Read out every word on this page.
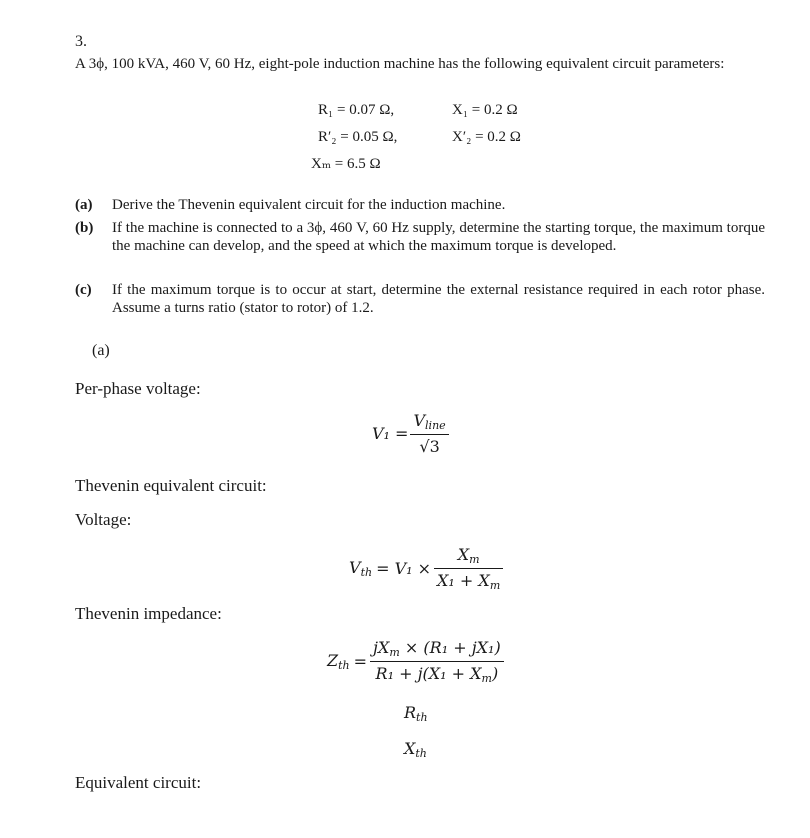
3.
A 3ϕ, 100 kVA, 460 V, 60 Hz, eight-pole induction machine has the following equivalent circuit parameters:
R₁ = 0.07 Ω,	X₁ = 0.2 Ω
R′₂ = 0.05 Ω,	X′₂ = 0.2 Ω
Xₘ = 6.5 Ω
(a) Derive the Thevenin equivalent circuit for the induction machine.
(b) If the machine is connected to a 3ϕ, 460 V, 60 Hz supply, determine the starting torque, the maximum torque the machine can develop, and the speed at which the maximum torque is developed.
(c) If the maximum torque is to occur at start, determine the external resistance required in each rotor phase. Assume a turns ratio (stator to rotor) of 1.2.
(a)
Per-phase voltage:
$V_1 = \frac{V_{line}}{√3}$
Thevenin equivalent circuit:
Voltage:
$V_{th} = V_1 \times \frac{X_m}{X_1 + X_m}$
Thevenin impedance:
$Z_{th} = \frac{jX_m \times (R_1 + jX_1)}{R_1 + j(X_1 + X_m)}$
$R_{th}$
$X_{th}$
Equivalent circuit:
